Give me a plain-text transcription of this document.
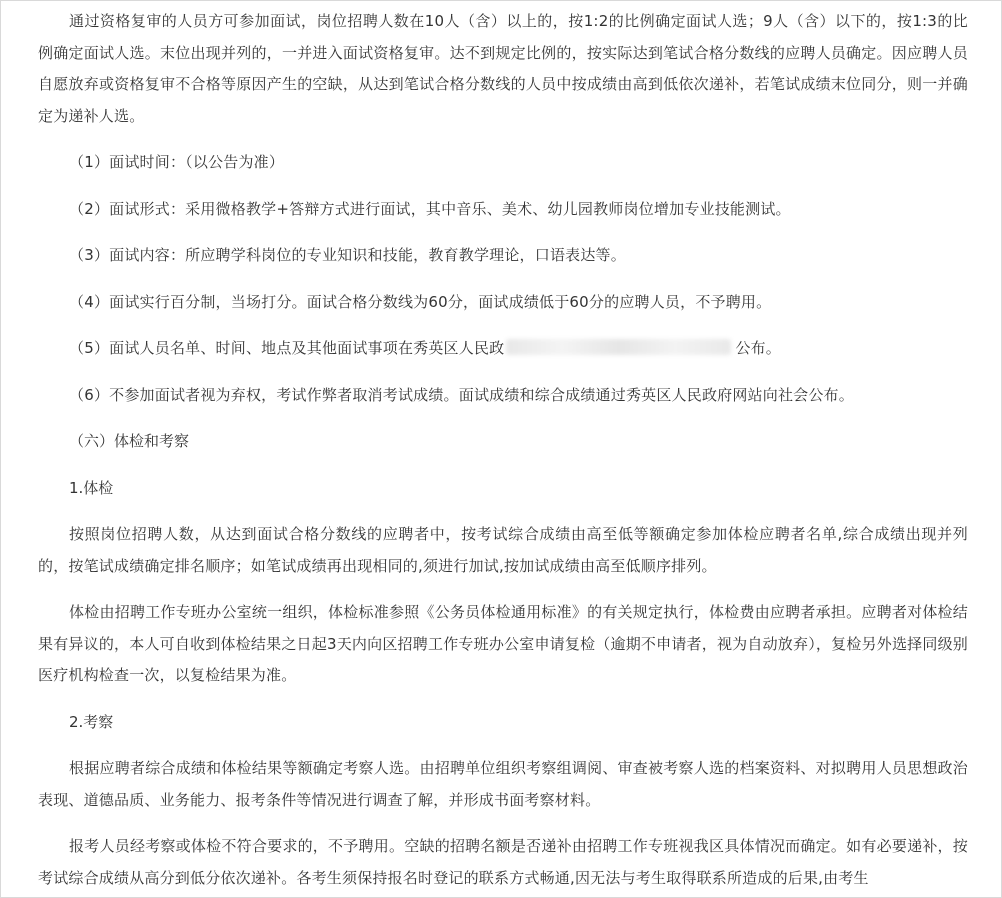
通过资格复审的人员方可参加面试，岗位招聘人数在10人（含）以上的，按1:2的比例确定面试人选；9人（含）以下的，按1:3的比例确定面试人选。末位出现并列的，一并进入面试资格复审。达不到规定比例的，按实际达到笔试合格分数线的应聘人员确定。因应聘人员自愿放弃或资格复审不合格等原因产生的空缺，从达到笔试合格分数线的人员中按成绩由高到低依次递补，若笔试成绩末位同分，则一并确定为递补人选。

（1）面试时间：（以公告为准）

（2）面试形式：采用微格教学+答辩方式进行面试，其中音乐、美术、幼儿园教师岗位增加专业技能测试。

（3）面试内容：所应聘学科岗位的专业知识和技能，教育教学理论，口语表达等。

（4）面试实行百分制，当场打分。面试合格分数线为60分，面试成绩低于60分的应聘人员，不予聘用。

（5）面试人员名单、时间、地点及其他面试事项在秀英区人民政	公布。

（6）不参加面试者视为弃权，考试作弊者取消考试成绩。面试成绩和综合成绩通过秀英区人民政府网站向社会公布。

（六）体检和考察

1.体检

按照岗位招聘人数，从达到面试合格分数线的应聘者中，按考试综合成绩由高至低等额确定参加体检应聘者名单,综合成绩出现并列的，按笔试成绩确定排名顺序；如笔试成绩再出现相同的,须进行加试,按加试成绩由高至低顺序排列。

体检由招聘工作专班办公室统一组织，体检标准参照《公务员体检通用标准》的有关规定执行，体检费由应聘者承担。应聘者对体检结果有异议的，本人可自收到体检结果之日起3天内向区招聘工作专班办公室申请复检（逾期不申请者，视为自动放弃），复检另外选择同级别医疗机构检查一次，以复检结果为准。

2.考察

根据应聘者综合成绩和体检结果等额确定考察人选。由招聘单位组织考察组调阅、审查被考察人选的档案资料、对拟聘用人员思想政治表现、道德品质、业务能力、报考条件等情况进行调查了解，并形成书面考察材料。

报考人员经考察或体检不符合要求的，不予聘用。空缺的招聘名额是否递补由招聘工作专班视我区具体情况而确定。如有必要递补，按考试综合成绩从高分到低分依次递补。各考生须保持报名时登记的联系方式畅通,因无法与考生取得联系所造成的后果,由考生
